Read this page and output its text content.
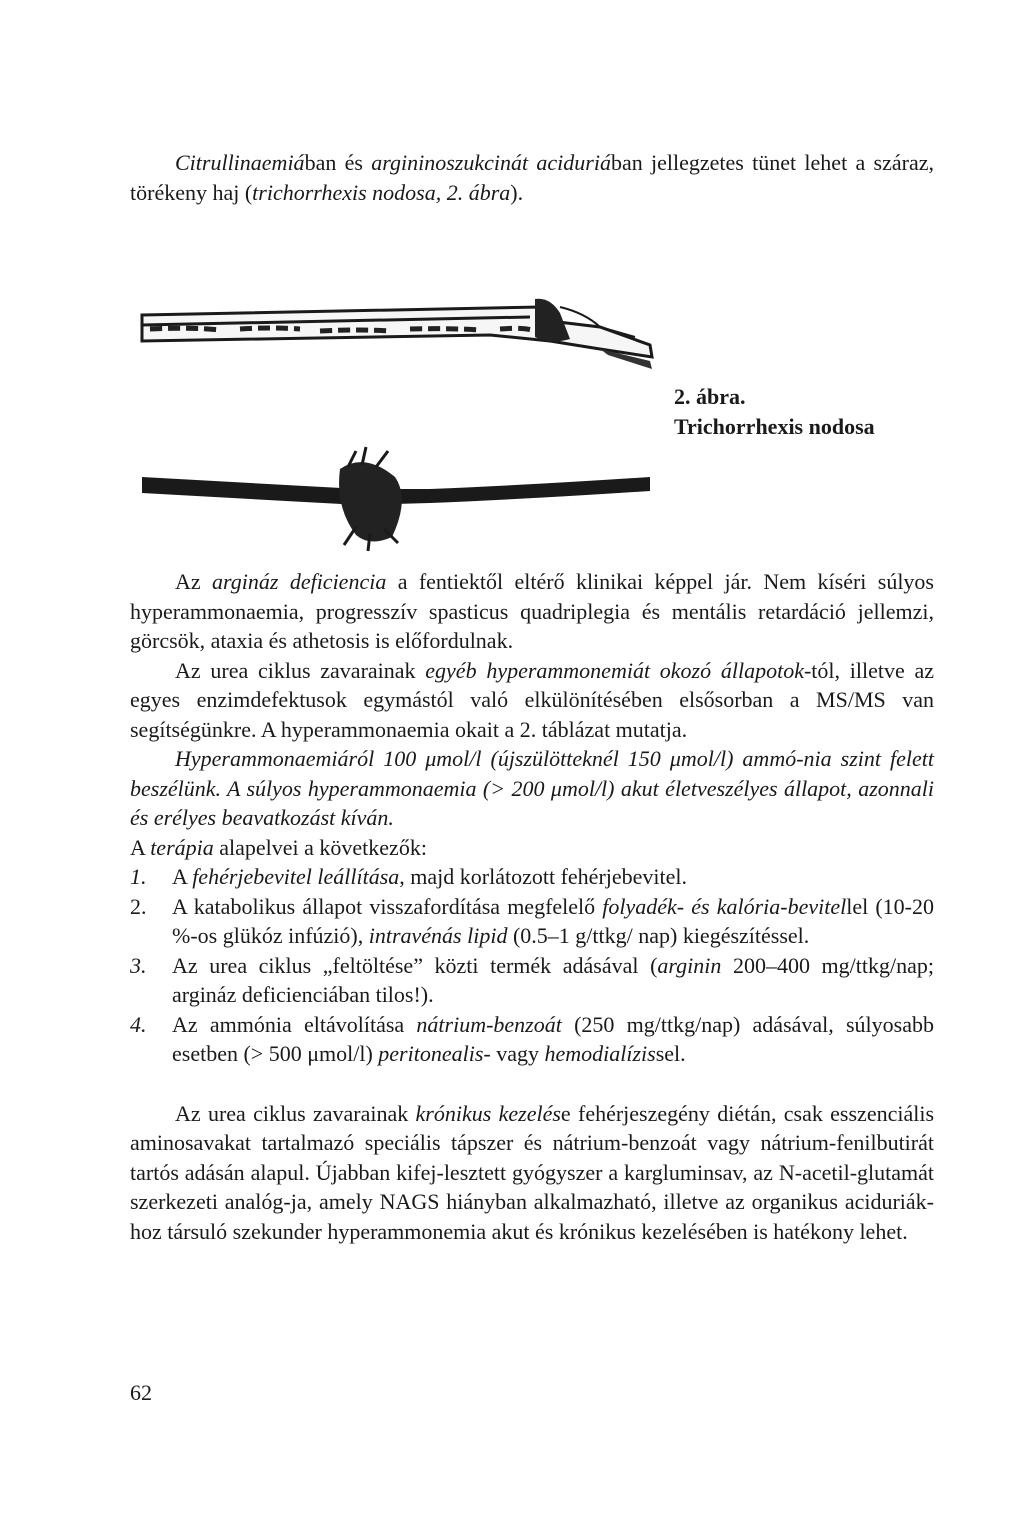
Citrullinaemiában és argininoszukcinát aciduriában jellegzetes tünet lehet a száraz, törékeny haj (trichorrhexis nodosa, 2. ábra).

2. ábra.
Trichorrhexis nodosa

Az argináz deficiencia a fentiektől eltérő klinikai képpel jár. Nem kíséri súlyos hyperammonaemia, progresszív spasticus quadriplegia és mentális retardáció jellemzi, görcsök, ataxia és athetosis is előfordulnak.

Az urea ciklus zavarainak egyéb hyperammonemiát okozó állapotok-tól, illetve az egyes enzimdefektusok egymástól való elkülönítésében elsősorban a MS/MS van segítségünkre. A hyperammonaemia okait a 2. táblázat mutatja.

Hyperammonaemiáról 100 μmol/l (újszülötteknél 150 μmol/l) ammó-nia szint felett beszélünk. A súlyos hyperammonaemia (> 200 μmol/l) akut életveszélyes állapot, azonnali és erélyes beavatkozást kíván.

A terápia alapelvei a következők:

1. A fehérjebevitel leállítása, majd korlátozott fehérjebevitel.
2. A katabolikus állapot visszafordítása megfelelő folyadék- és kalória-bevitellel (10-20 %-os glükóz infúzió), intravénás lipid (0.5–1 g/ttkg/ nap) kiegészítéssel.
3. Az urea ciklus „feltöltése” közti termék adásával (arginin 200–400 mg/ttkg/nap; argináz deficienciában tilos!).
4. Az ammónia eltávolítása nátrium-benzoát (250 mg/ttkg/nap) adásával, súlyosabb esetben (> 500 μmol/l) peritonealis- vagy hemodialízissel.

Az urea ciklus zavarainak krónikus kezelése fehérjeszegény diétán, csak esszenciális aminosavakat tartalmazó speciális tápszer és nátrium-benzoát vagy nátrium-fenilbutirát tartós adásán alapul. Újabban kifej-lesztett gyógyszer a kargluminsav, az N-acetil-glutamát szerkezeti analóg-ja, amely NAGS hiányban alkalmazható, illetve az organikus aciduriák-hoz társuló szekunder hyperammonemia akut és krónikus kezelésében is hatékony lehet.

62
